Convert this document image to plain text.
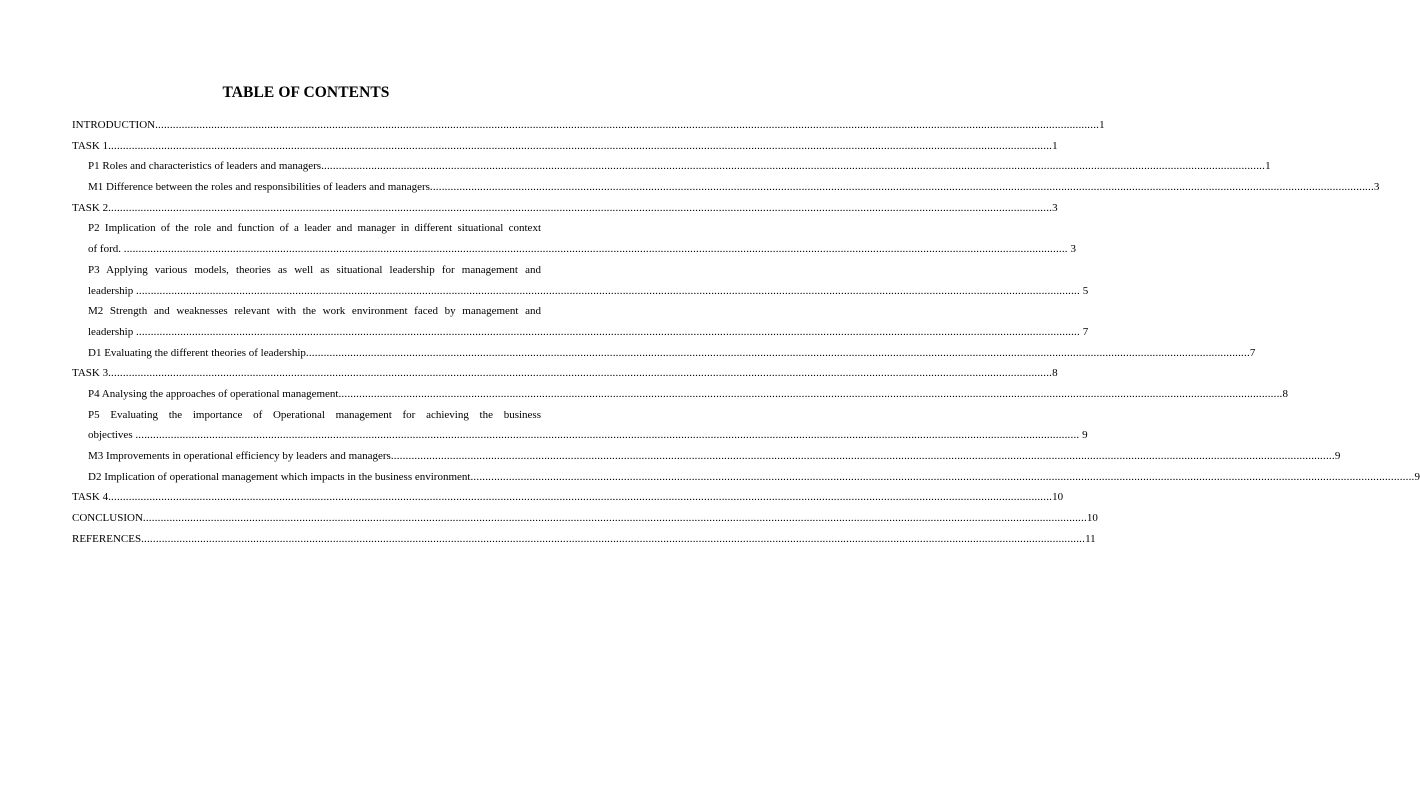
TABLE OF CONTENTS
INTRODUCTION .....	1
TASK 1 .....	1
P1 Roles and characteristics of leaders and managers .....	1
M1 Difference between the roles and responsibilities of leaders and managers .....	3
TASK 2 .....	3
P2 Implication of the role and function of a leader and manager in different situational context
of ford. .....	3
P3 Applying various models, theories as well as situational leadership for management and
leadership .....	5
M2 Strength and weaknesses relevant with the work environment faced by management and
leadership .....	7
D1 Evaluating the different theories of leadership .....	7
TASK 3 .....	8
P4 Analysing the approaches of operational management .....	8
P5 Evaluating the importance of Operational management for achieving the business
objectives .....	9
M3 Improvements in operational efficiency by leaders and managers .....	9
D2 Implication of operational management which impacts in the business environment .....	9
TASK 4 .....	10
CONCLUSION .....	10
REFERENCES .....	11
